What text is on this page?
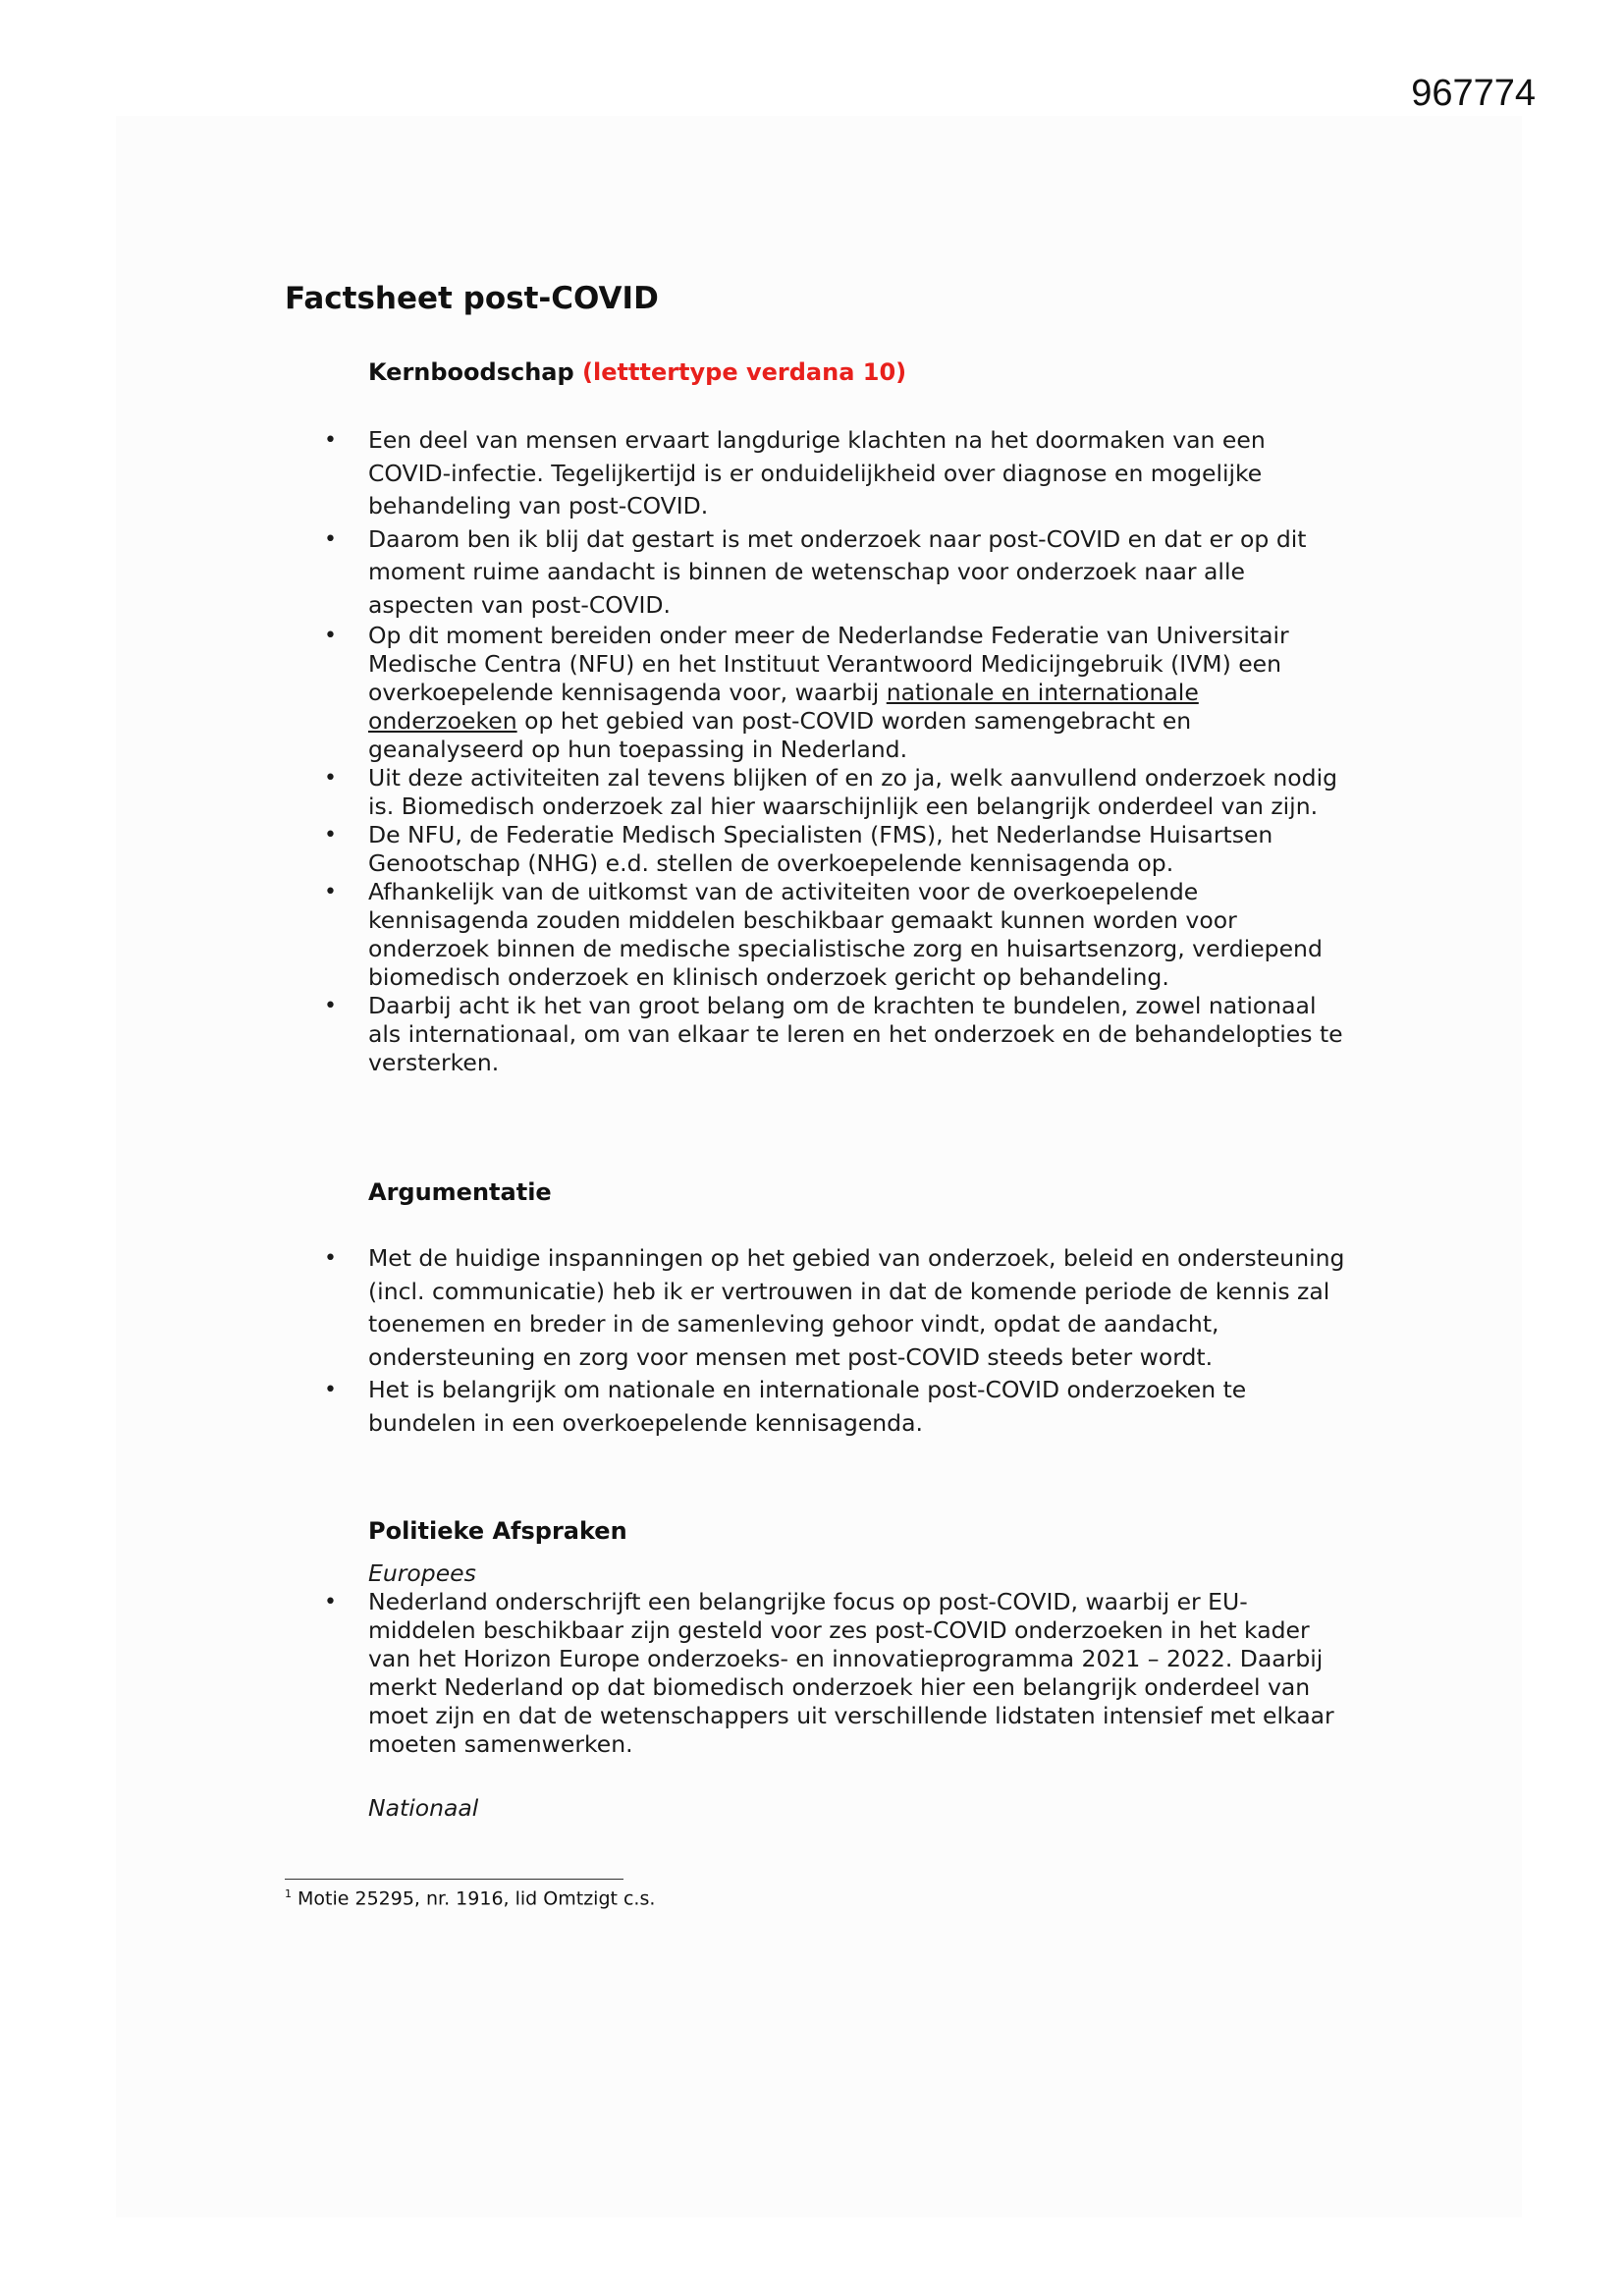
967774
Factsheet post-COVID
Kernboodschap (letttertype verdana 10)
• Een deel van mensen ervaart langdurige klachten na het doormaken van een COVID-infectie. Tegelijkertijd is er onduidelijkheid over diagnose en mogelijke behandeling van post-COVID.
• Daarom ben ik blij dat gestart is met onderzoek naar post-COVID en dat er op dit moment ruime aandacht is binnen de wetenschap voor onderzoek naar alle aspecten van post-COVID.
• Op dit moment bereiden onder meer de Nederlandse Federatie van Universitair Medische Centra (NFU) en het Instituut Verantwoord Medicijngebruik (IVM) een overkoepelende kennisagenda voor, waarbij nationale en internationale onderzoeken op het gebied van post-COVID worden samengebracht en geanalyseerd op hun toepassing in Nederland.
• Uit deze activiteiten zal tevens blijken of en zo ja, welk aanvullend onderzoek nodig is. Biomedisch onderzoek zal hier waarschijnlijk een belangrijk onderdeel van zijn.
• De NFU, de Federatie Medisch Specialisten (FMS), het Nederlandse Huisartsen Genootschap (NHG) e.d. stellen de overkoepelende kennisagenda op.
• Afhankelijk van de uitkomst van de activiteiten voor de overkoepelende kennisagenda zouden middelen beschikbaar gemaakt kunnen worden voor onderzoek binnen de medische specialistische zorg en huisartsenzorg, verdiepend biomedisch onderzoek en klinisch onderzoek gericht op behandeling.
• Daarbij acht ik het van groot belang om de krachten te bundelen, zowel nationaal als internationaal, om van elkaar te leren en het onderzoek en de behandelopties te versterken.
Argumentatie
• Met de huidige inspanningen op het gebied van onderzoek, beleid en ondersteuning (incl. communicatie) heb ik er vertrouwen in dat de komende periode de kennis zal toenemen en breder in de samenleving gehoor vindt, opdat de aandacht, ondersteuning en zorg voor mensen met post-COVID steeds beter wordt.
• Het is belangrijk om nationale en internationale post-COVID onderzoeken te bundelen in een overkoepelende kennisagenda.
Politieke Afspraken

Europees

• Nederland onderschrijft een belangrijke focus op post-COVID, waarbij er EU-middelen beschikbaar zijn gesteld voor zes post-COVID onderzoeken in het kader van het Horizon Europe onderzoeks- en innovatieprogramma 2021 – 2022. Daarbij merkt Nederland op dat biomedisch onderzoek hier een belangrijk onderdeel van moet zijn en dat de wetenschappers uit verschillende lidstaten intensief met elkaar moeten samenwerken.

Nationaal

$^1$ Motie 25295, nr. 1916, lid Omtzigt c.s.
